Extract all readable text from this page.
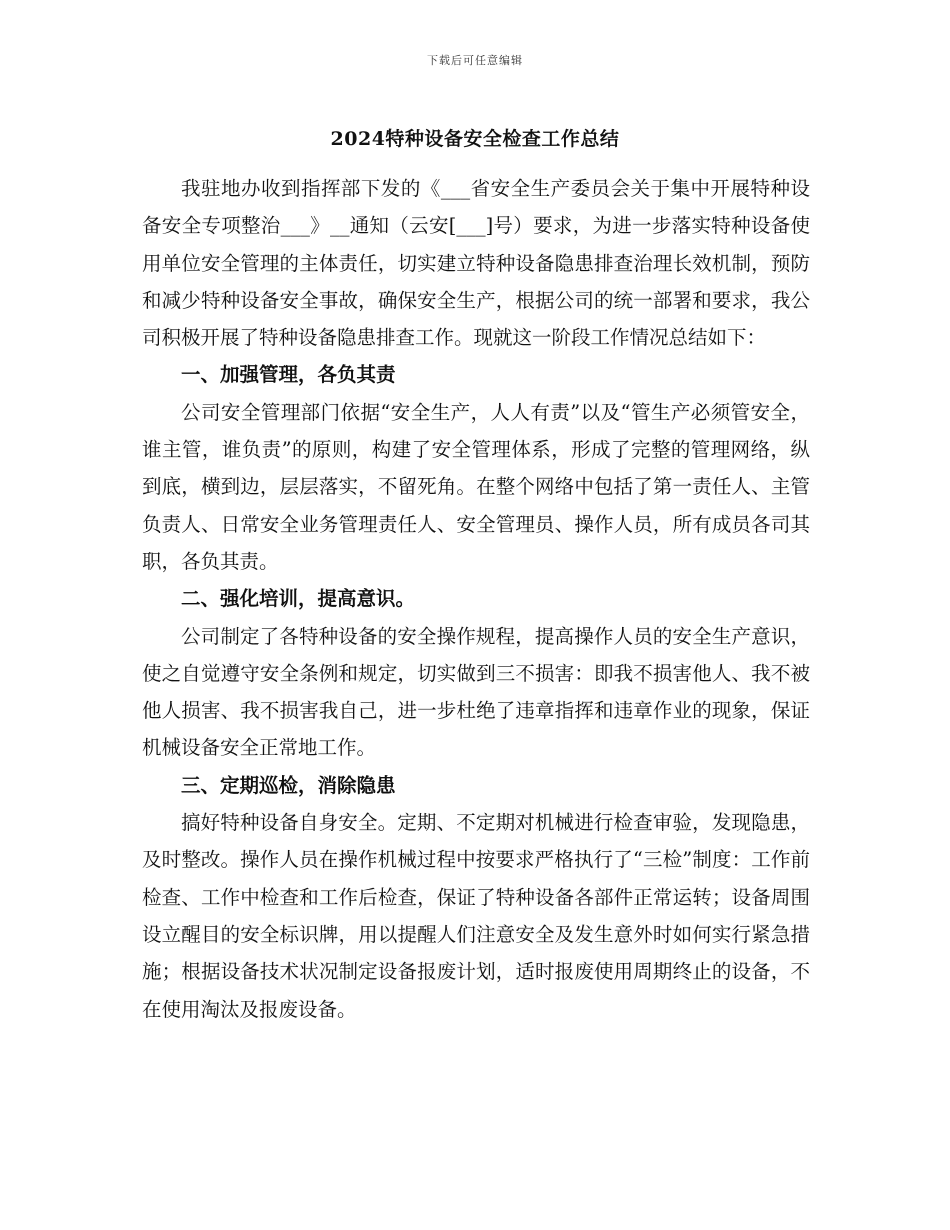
下载后可任意编辑
2024特种设备安全检查工作总结

我驻地办收到指挥部下发的《___省安全生产委员会关于集中开展特种设备安全专项整治___》__通知（云安[___]号）要求，为进一步落实特种设备使用单位安全管理的主体责任，切实建立特种设备隐患排查治理长效机制，预防和减少特种设备安全事故，确保安全生产，根据公司的统一部署和要求，我公司积极开展了特种设备隐患排查工作。现就这一阶段工作情况总结如下：

一、加强管理，各负其责

公司安全管理部门依据“安全生产，人人有责”以及“管生产必须管安全，谁主管，谁负责”的原则，构建了安全管理体系，形成了完整的管理网络，纵到底，横到边，层层落实，不留死角。在整个网络中包括了第一责任人、主管负责人、日常安全业务管理责任人、安全管理员、操作人员，所有成员各司其职，各负其责。

二、强化培训，提高意识。

公司制定了各特种设备的安全操作规程，提高操作人员的安全生产意识，使之自觉遵守安全条例和规定，切实做到三不损害：即我不损害他人、我不被他人损害、我不损害我自己，进一步杜绝了违章指挥和违章作业的现象，保证机械设备安全正常地工作。

三、定期巡检，消除隐患

搞好特种设备自身安全。定期、不定期对机械进行检查审验，发现隐患，及时整改。操作人员在操作机械过程中按要求严格执行了“三检”制度：工作前检查、工作中检查和工作后检查，保证了特种设备各部件正常运转；设备周围设立醒目的安全标识牌，用以提醒人们注意安全及发生意外时如何实行紧急措施；根据设备技术状况制定设备报废计划，适时报废使用周期终止的设备，不在使用淘汰及报废设备。
